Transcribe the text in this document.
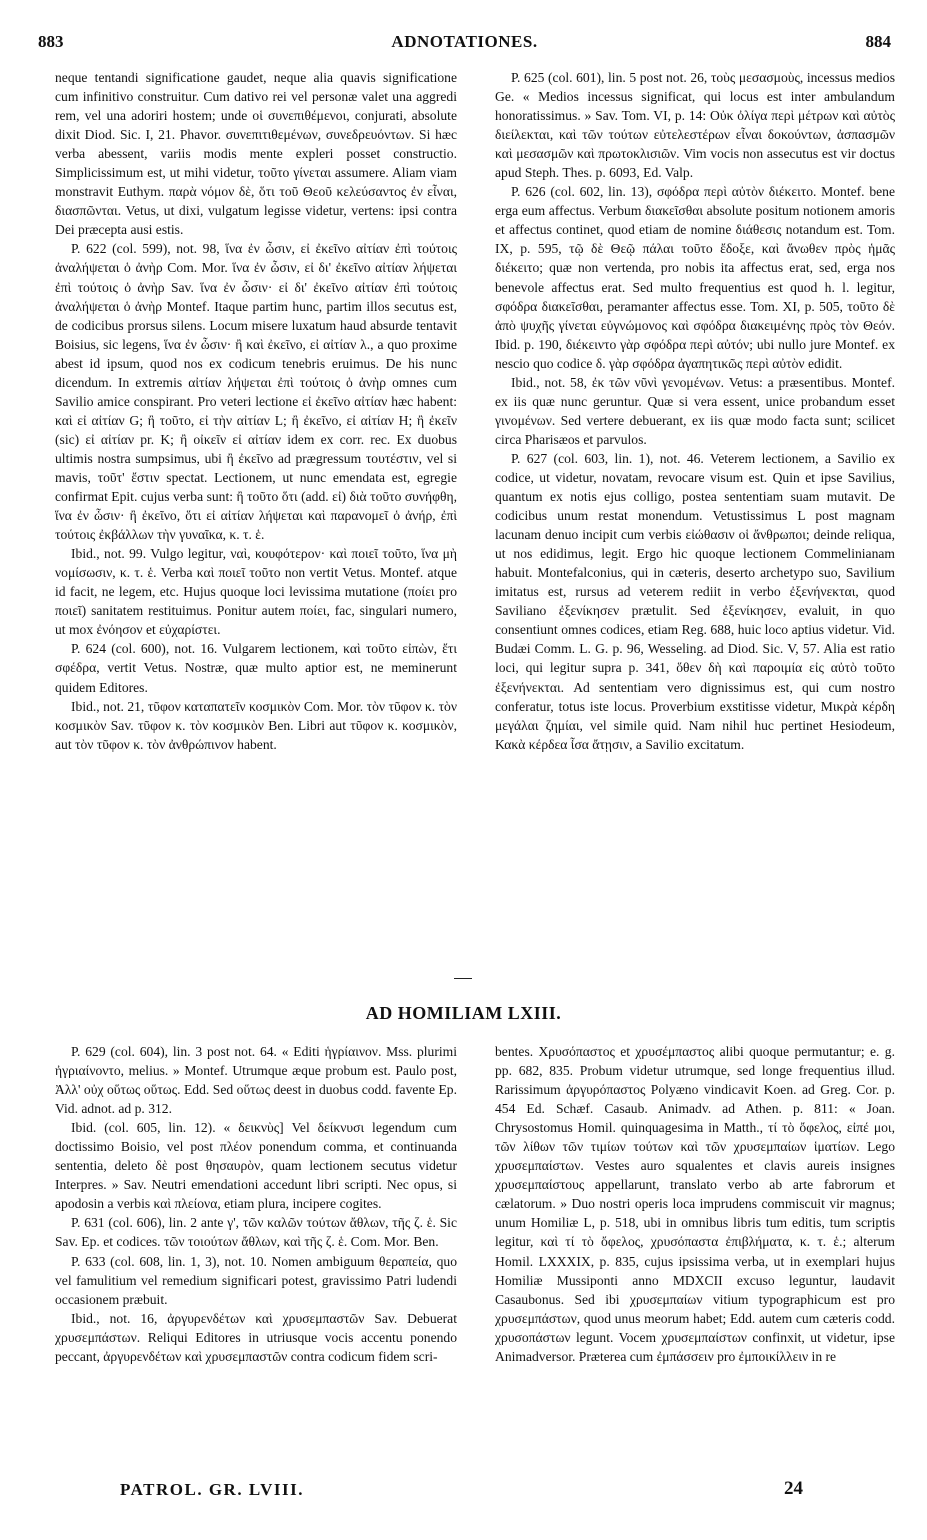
883	ADNOTATIONES.	884

neque tentandi significatione gaudet, neque alia quavis significatione cum infinitivo construitur. Cum dativo rei vel personæ valet una aggredi rem, vel una adoriri hostem; unde οἱ συνεπιθέμενοι, conjurati, absolute dixit Diod. Sic. I, 21. Phavor. συνεπιτιθεμένων, συνεδρευόντων. Si hæc verba abessent, variis modis mente expleri posset constructio. Simplicissimum est, ut mihi videtur, τοῦτο γίνεται assumere. Aliam viam monstravit Euthym. παρὰ νόμον δὲ, ὅτι τοῦ Θεοῦ κελεύσαντος ἐν εἶναι, διασπῶνται. Vetus, ut dixi, vulgatum legisse videtur, vertens: ipsi contra Dei præcepta ausi estis.

P. 622 (col. 599), not. 98, ἵνα ἐν ὦσιν, εἰ ἐκεῖνο αἰτίαν ἐπὶ τούτοις ἀναλήψεται ὁ ἀνὴρ Com. Mor. ἵνα ἐν ὦσιν, εἰ δι' ἐκεῖνο αἰτίαν λήψεται ἐπὶ τούτοις ὁ ἀνὴρ Sav. ἵνα ἐν ὦσιν· εἰ δι' ἐκεῖνο αἰτίαν ἐπὶ τούτοις ἀναλήψεται ὁ ἀνὴρ Montef. Itaque partim hunc, partim illos secutus est, de codicibus prorsus silens. Locum misere luxatum haud absurde tentavit Boisius, sic legens, ἵνα ἐν ὦσιν· ἢ καὶ ἐκεῖνο, εἰ αἰτίαν λ., a quo proxime abest id ipsum, quod nos ex codicum tenebris eruimus. De his nunc dicendum. In extremis αἰτίαν λήψεται ἐπὶ τούτοις ὁ ἀνὴρ omnes cum Savilio amice conspirant. Pro veteri lectione εἰ ἐκεῖνο αἰτίαν hæc habent: καὶ εἰ αἰτίαν G; ἢ τοῦτο, εἰ τὴν αἰτίαν L; ἢ ἐκεῖνο, εἰ αἰτίαν H; ἢ ἐκεῖν (sic) εἰ αἰτίαν pr. K; ἢ οἰκεῖν εἰ αἰτίαν idem ex corr. rec. Ex duobus ultimis nostra sumpsimus, ubi ἢ ἐκεῖνο ad prægressum τουτέστιν, vel si mavis, τοῦτ' ἔστιν spectat. Lectionem, ut nunc emendata est, egregie confirmat Epit. cujus verba sunt: ἢ τοῦτο ὅτι (add. εἰ) διὰ τοῦτο συνήφθη, ἵνα ἐν ὦσιν· ἢ ἐκεῖνο, ὅτι εἰ αἰτίαν λήψεται καὶ παρανομεῖ ὁ ἀνήρ, ἐπὶ τούτοις ἐκβάλλων τὴν γυναῖκα, κ. τ. ἑ.

Ibid., not. 99. Vulgo legitur, ναὶ, κουφότερον· καὶ ποιεῖ τοῦτο, ἵνα μὴ νομίσωσιν, κ. τ. ἑ. Verba καὶ ποιεῖ τοῦτο non vertit Vetus. Montef. atque id facit, ne legem, etc. Hujus quoque loci levissima mutatione (ποίει pro ποιεῖ) sanitatem restituimus. Ponitur autem ποίει, fac, singulari numero, ut mox ἐνόησον et εὐχαρίστει.

P. 624 (col. 600), not. 16. Vulgarem lectionem, καὶ τοῦτο εἰπὼν, ἔτι σφέδρα, vertit Vetus. Nostræ, quæ multo aptior est, ne meminerunt quidem Editores.

Ibid., not. 21, τῦφον καταπατεῖν κοσμικὸν Com. Mor. τὸν τῦφον κ. τὸν κοσμικὸν Sav. τῦφον κ. τὸν κοσμικὸν Ben. Libri aut τῦφον κ. κοσμικὸν, aut τὸν τῦφον κ. τὸν ἀνθρώπινον habent.

P. 625 (col. 601), lin. 5 post not. 26, τοὺς μεσασμοὺς, incessus medios Ge. « Medios incessus significat, qui locus est inter ambulandum honoratissimus. » Sav. Tom. VI, p. 14: Οὐκ ὀλίγα περὶ μέτρων καὶ αὐτὸς διείλεκται, καὶ τῶν τούτων εὐτελεστέρων εἶναι δοκούντων, ἀσπασμῶν καὶ μεσασμῶν καὶ πρωτοκλισιῶν. Vim vocis non assecutus est vir doctus apud Steph. Thes. p. 6093, Ed. Valp.

P. 626 (col. 602, lin. 13), σφόδρα περὶ αὐτὸν διέκειτο. Montef. bene erga eum affectus. Verbum διακεῖσθαι absolute positum notionem amoris et affectus continet, quod etiam de nomine διάθεσις notandum est. Tom. IX, p. 595, τῷ δὲ Θεῷ πάλαι τοῦτο ἔδοξε, καὶ ἄνωθεν πρὸς ἡμᾶς διέκειτο; quæ non vertenda, pro nobis ita affectus erat, sed, erga nos benevole affectus erat. Sed multo frequentius est quod h. l. legitur, σφόδρα διακεῖσθαι, peramanter affectus esse. Tom. XI, p. 505, τοῦτο δὲ ἀπὸ ψυχῆς γίνεται εὐγνώμονος καὶ σφόδρα διακειμένης πρὸς τὸν Θεόν. Ibid. p. 190, διέκειντο γὰρ σφόδρα περὶ αὐτόν; ubi nullo jure Montef. ex nescio quo codice δ. γὰρ σφόδρα ἀγαπητικῶς περὶ αὐτὸν edidit.

Ibid., not. 58, ἐκ τῶν νῦνὶ γενομένων. Vetus: a præsentibus. Montef. ex iis quæ nunc geruntur. Quæ si vera essent, unice probandum esset γινομένων. Sed vertere debuerant, ex iis quæ modo facta sunt; scilicet circa Pharisæos et parvulos.

P. 627 (col. 603, lin. 1), not. 46. Veterem lectionem, a Savilio ex codice, ut videtur, novatam, revocare visum est. Quin et ipse Savilius, quantum ex notis ejus colligo, postea sententiam suam mutavit. De codicibus unum restat monendum. Vetustissimus L post magnam lacunam denuo incipit cum verbis εἰώθασιν οἱ ἄνθρωποι; deinde reliqua, ut nos edidimus, legit. Ergo hic quoque lectionem Commelinianam habuit. Montefalconius, qui in cæteris, deserto archetypo suo, Savilium imitatus est, rursus ad veterem rediit in verbo ἐξενήνεκται, quod Saviliano ἐξενίκησεν prætulit. Sed ἐξενίκησεν, evaluit, in quo consentiunt omnes codices, etiam Reg. 688, huic loco aptius videtur. Vid. Budæi Comm. L. G. p. 96, Wesseling. ad Diod. Sic. V, 57. Alia est ratio loci, qui legitur supra p. 341, ὅθεν δὴ καὶ παροιμία εἰς αὐτὸ τοῦτο ἐξενήνεκται. Ad sententiam vero dignissimus est, qui cum nostro conferatur, totus iste locus. Proverbium exstitisse videtur, Μικρὰ κέρδη μεγάλαι ζημίαι, vel simile quid. Nam nihil huc pertinet Hesiodeum, Κακὰ κέρδεα ἶσα ἄτῃσιν, a Savilio excitatum.

AD HOMILIAM LXIII.

P. 629 (col. 604), lin. 3 post not. 64. « Editi ἡγρίαινον. Mss. plurimi ἠγριαίνοντο, melius. » Montef. Utrumque æque probum est. Paulo post, Ἀλλ' οὐχ οὕτως οὕτως. Edd. Sed οὕτως deest in duobus codd. favente Ep. Vid. adnot. ad p. 312.

Ibid. (col. 605, lin. 12). « δεικνὺς] Vel δείκνυσι legendum cum doctissimo Boisio, vel post πλέον ponendum comma, et continuanda sententia, deleto δὲ post θησαυρὸν, quam lectionem secutus videtur Interpres. » Sav. Neutri emendationi accedunt libri scripti. Nec opus, si apodosin a verbis καὶ πλείονα, etiam plura, incipere cogites.

P. 631 (col. 606), lin. 2 ante γ', τῶν καλῶν τούτων ἄθλων, τῆς ζ. ἑ. Sic Sav. Ep. et codices. τῶν τοιούτων ἄθλων, καὶ τῆς ζ. ἑ. Com. Mor. Ben.

P. 633 (col. 608, lin. 1, 3), not. 10. Nomen ambiguum θεραπεία, quo vel famulitium vel remedium significari potest, gravissimo Patri ludendi occasionem præbuit.

Ibid., not. 16, ἀργυρενδέτων καὶ χρυσεμπαστῶν Sav. Debuerat χρυσεμπάστων. Reliqui Editores in utriusque vocis accentu ponendo peccant, ἀργυρενδέτων καὶ χρυσεμπαστῶν contra codicum fidem scri-

bentes. Χρυσόπαστος et χρυσέμπαστος alibi quoque permutantur; e. g. pp. 682, 835. Probum videtur utrumque, sed longe frequentius illud. Rarissimum ἀργυρόπαστος Polyæno vindicavit Koen. ad Greg. Cor. p. 454 Ed. Schæf. Casaub. Animadv. ad Athen. p. 811: « Joan. Chrysostomus Homil. quinquagesima in Matth., τί τὸ ὄφελος, εἰπέ μοι, τῶν λίθων τῶν τιμίων τούτων καὶ τῶν χρυσεμπαίων ἱματίων. Lego χρυσεμπαίστων. Vestes auro squalentes et clavis aureis insignes χρυσεμπαίστους appellarunt, translato verbo ab arte fabrorum et cælatorum. » Duo nostri operis loca imprudens commiscuit vir magnus; unum Homiliæ L, p. 518, ubi in omnibus libris tum editis, tum scriptis legitur, καὶ τί τὸ ὄφελος, χρυσόπαστα ἐπιβλήματα, κ. τ. ἑ.; alterum Homil. LXXXIX, p. 835, cujus ipsissima verba, ut in exemplari hujus Homiliæ Mussiponti anno MDXCII excuso leguntur, laudavit Casaubonus. Sed ibi χρυσεμπαίων vitium typographicum est pro χρυσεμπάστων, quod unus meorum habet; Edd. autem cum cæteris codd. χρυσοπάστων legunt. Vocem χρυσεμπαίστων confinxit, ut videtur, ipse Animadversor. Præterea cum ἐμπάσσειν pro ἐμποικίλλειν in re

PATROL. GR. LVIII.	24
